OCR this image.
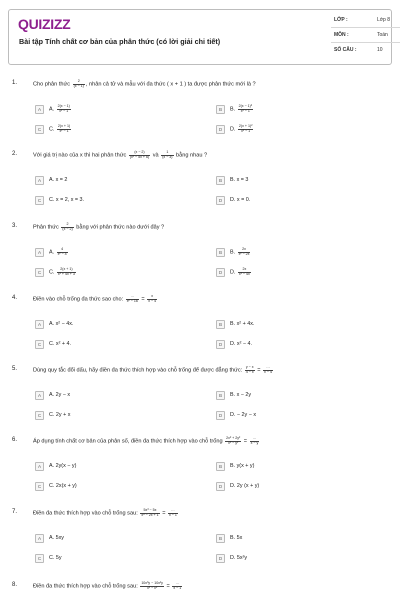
QUIZIZZ
Bài tập Tính chất cơ bản của phân thức (có lời giải chi tiết)
LỚP :	Lớp 8
MÔN :	Toán
SỐ CÂU :	10
1.	Cho phân thức $\frac{2}{(x - 1)}$ , nhân cả tử và mẫu với đa thức ( x + 1 ) ta được phân thức mới là ?
A	A. $\frac{2(x - 1)}{\text{x² − 1}}$	B	B. $\frac{\text{2(x − 1)²}}{\text{x² − 1}}$
C	C. $\frac{2(x + 1)}{\text{x² − 1}}$	D	D. $\frac{\text{2(x + 1)²}}{\text{x² − 1}}$
2.	Với giá trị nào của x thì hai phân thức $\frac{(x - 2)}{\text{(x² − 5x + 6)}}$ và $\frac{1}{(x - 3)}$ bằng nhau ?
A	A. x = 2	B	B. x = 3
C	C. x = 2, x = 3.	D	D. x = 0.
3.	Phân thức $\frac{2}{(x - 2)}$ bằng với phân thức nào dưới đây ?
A	A. $\frac{4}{\text{x² − 4}}$	B	B. $\frac{2x}{\text{x² − 2x}}$
C	C. $\frac{2(x + 1)}{\text{x² + 4x + 3}}$	D	D. $\frac{2x}{\text{x² − 4x}}$
4.	Điền vào chỗ trống đa thức sao cho: $\frac{\dots}{\text{x² − 16}} = \frac{x}{x - 4}$
A	A. x² − 4x.	B	B. x² + 4x.
C	C. x² + 4.	D	D. x² − 4.
5.	Dùng quy tắc đổi dấu, hãy điền đa thức thích hợp vào chỗ trống để được đẳng thức: $\frac{y - x}{4 - x} = \frac{\dots}{x - 4}$
A	A. 2y − x	B	B. x − 2y
C	C. 2y + x	D	D. − 2y − x
6.	Áp dụng tính chất cơ bản của phân số, điền đa thức thích hợp vào chỗ trống $\frac{\text{2x² + 2y²}}{\text{x² − y²}} = \frac{\dots}{x - y}$
A	A. 2y(x − y)	B	B. y(x + y)
C	C. 2x(x + y)	D	D. 2y (x + y)
7.	Điền đa thức thích hợp vào chỗ trống sau: $\frac{\text{5x³ − 5x}}{\text{x⁴ − 2x + 1}} = \frac{\dots}{x - 1}$
A	A. 5xy	B	B. 5x
C	C. 5y	D	D. 5x²y
8.	Điền đa thức thích hợp vào chỗ trống sau: $\frac{\text{10x³y − 10x²y}}{\text{x³ − x²}} = \frac{\dots}{x - 1}$
